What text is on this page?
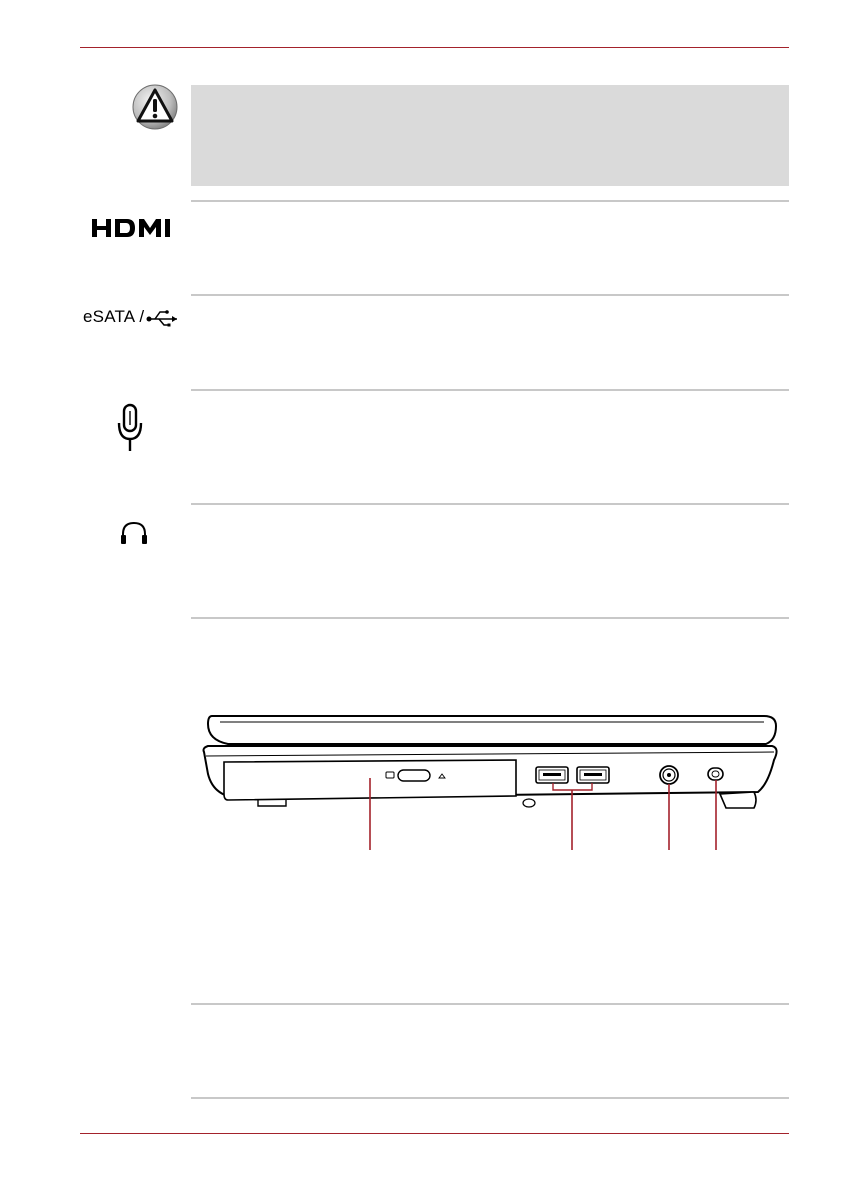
eSATA /
